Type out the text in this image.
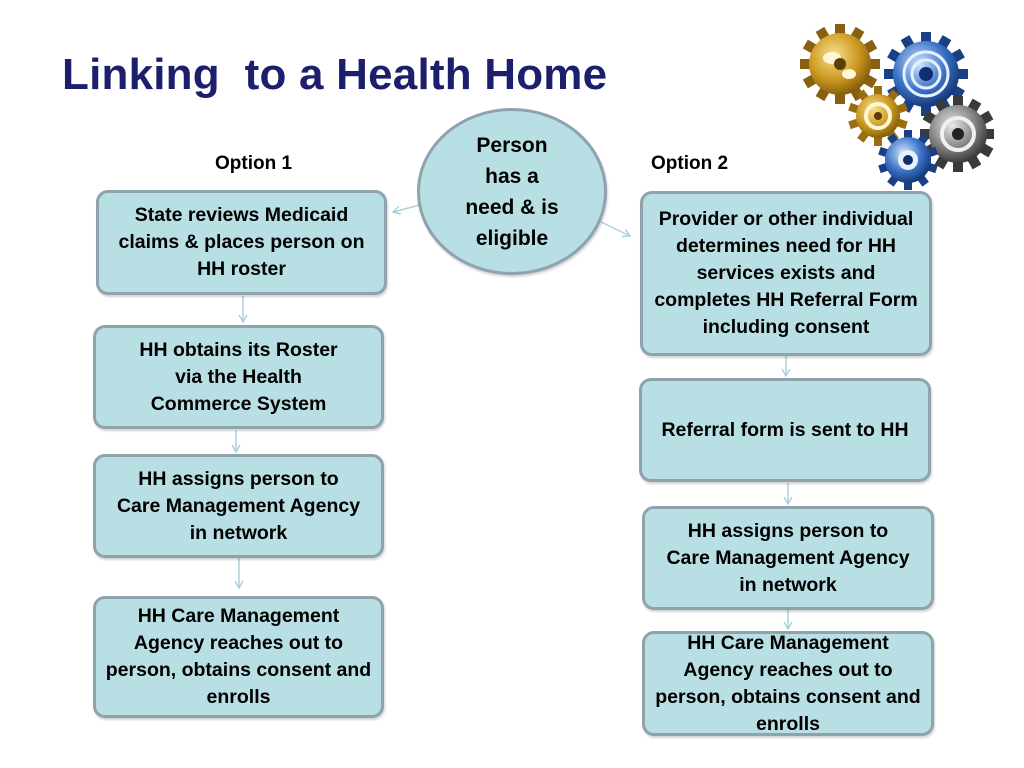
Linking  to a Health Home
Option 1	Option 2
Person has a need & is eligible
State reviews Medicaid claims & places person on HH roster
HH obtains its Roster via the Health Commerce System
HH assigns person to Care Management Agency in network
HH Care Management Agency reaches out to person, obtains consent and enrolls
Provider or other individual determines need for HH services exists and completes HH Referral Form including consent
Referral form is sent to HH
HH assigns person to Care Management Agency in network
HH Care Management Agency reaches out to person, obtains consent and enrolls
